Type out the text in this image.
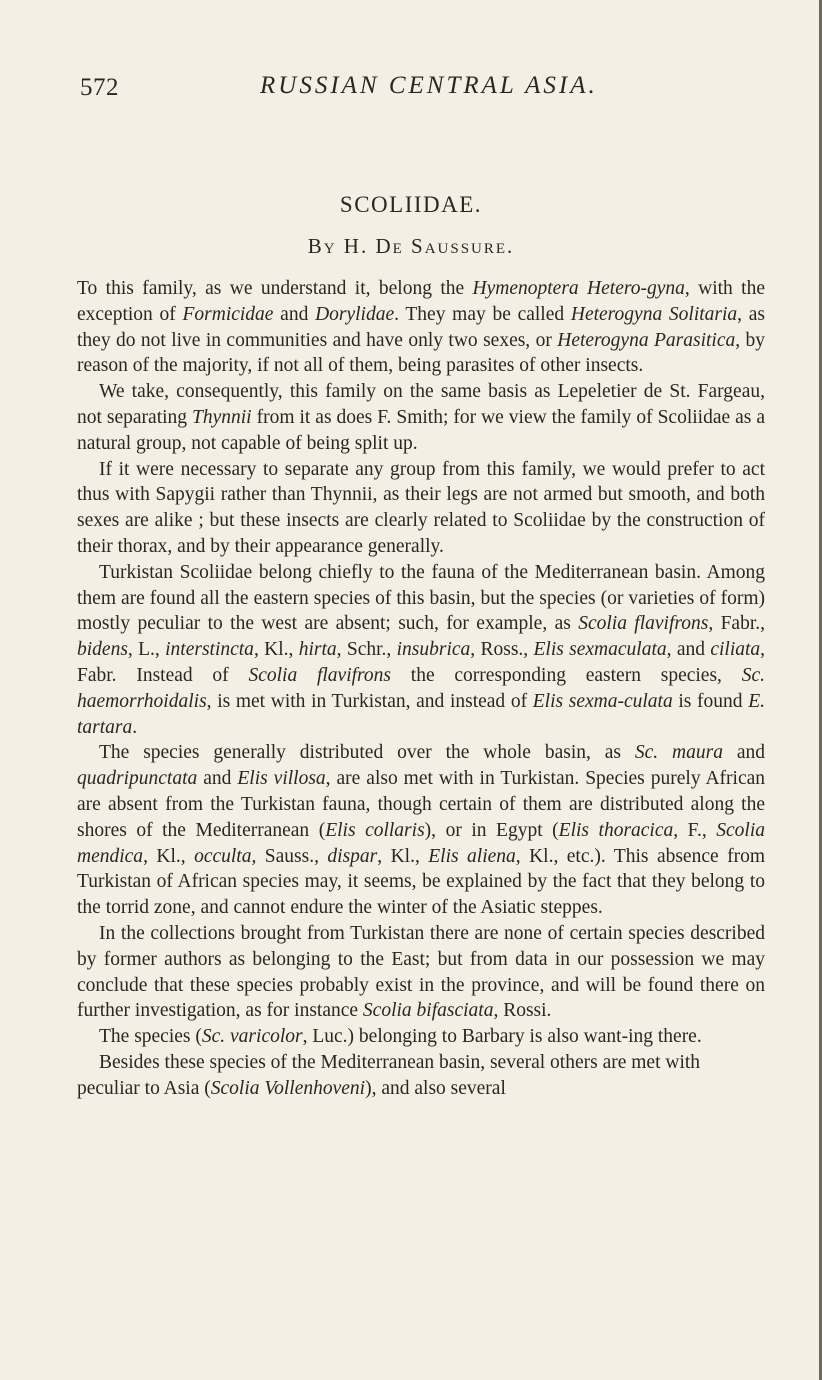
572	RUSSIAN CENTRAL ASIA.
SCOLIIDAE.
By H. De Saussure.

To this family, as we understand it, belong the Hymenoptera Hetero-gyna, with the exception of Formicidae and Dorylidae. They may be called Heterogyna Solitaria, as they do not live in communities and have only two sexes, or Heterogyna Parasitica, by reason of the majority, if not all of them, being parasites of other insects.

We take, consequently, this family on the same basis as Lepeletier de St. Fargeau, not separating Thynnii from it as does F. Smith; for we view the family of Scoliidae as a natural group, not capable of being split up.

If it were necessary to separate any group from this family, we would prefer to act thus with Sapygii rather than Thynnii, as their legs are not armed but smooth, and both sexes are alike ; but these insects are clearly related to Scoliidae by the construction of their thorax, and by their appearance generally.

Turkistan Scoliidae belong chiefly to the fauna of the Mediterranean basin. Among them are found all the eastern species of this basin, but the species (or varieties of form) mostly peculiar to the west are absent; such, for example, as Scolia flavifrons, Fabr., bidens, L., interstincta, Kl., hirta, Schr., insubrica, Ross., Elis sexmaculata, and ciliata, Fabr. Instead of Scolia flavifrons the corresponding eastern species, Sc. haemorrhoidalis, is met with in Turkistan, and instead of Elis sexma-culata is found E. tartara.

The species generally distributed over the whole basin, as Sc. maura and quadripunctata and Elis villosa, are also met with in Turkistan. Species purely African are absent from the Turkistan fauna, though certain of them are distributed along the shores of the Mediterranean (Elis collaris), or in Egypt (Elis thoracica, F., Scolia mendica, Kl., occulta, Sauss., dispar, Kl., Elis aliena, Kl., etc.). This absence from Turkistan of African species may, it seems, be explained by the fact that they belong to the torrid zone, and cannot endure the winter of the Asiatic steppes.

In the collections brought from Turkistan there are none of certain species described by former authors as belonging to the East; but from data in our possession we may conclude that these species probably exist in the province, and will be found there on further investigation, as for instance Scolia bifasciata, Rossi.

The species (Sc. varicolor, Luc.) belonging to Barbary is also want-ing there.

Besides these species of the Mediterranean basin, several others are met with peculiar to Asia (Scolia Vollenhoveni), and also several
